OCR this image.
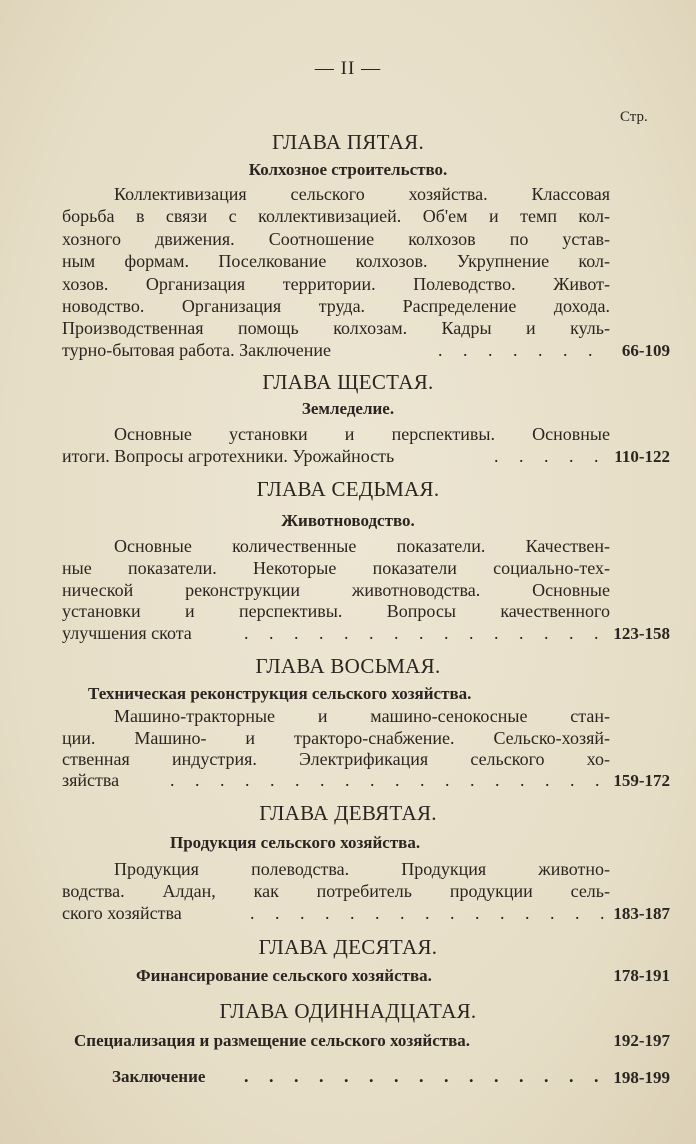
— II —
Стр.
ГЛАВА ПЯТАЯ.
Колхозное строительство.
Коллективизация сельского хозяйства. Классовая
борьба в связи с коллективизацией. Об'ем и темп кол-
хозного движения. Соотношение колхозов по устав-
ным формам. Поселкование колхозов. Укрупнение кол-
хозов. Организация территории. Полеводство. Живот-
новодство. Организация труда. Распределение дохода.
Производственная помощь колхозам. Кадры и куль-
турно-бытовая работа. Заключение	. . . . . . . 66-109
ГЛАВА ЩЕСТАЯ.
Земледелие.
Основные установки и перспективы. Основные
итоги. Вопросы агротехники. Урожайность	. . . . . 110-122
ГЛАВА СЕДЬМАЯ.
Животноводство.
Основные количественные показатели. Качествен-
ные показатели. Некоторые показатели социально-тех-
нической реконструкции животноводства. Основные
установки и перспективы. Вопросы качественного
улучшения скота	. . . . . . . . . . . . . . . 123-158
ГЛАВА ВОСЬМАЯ.
Техническая реконструкция сельского хозяйства.
Машино-тракторные и машино-сенокосные стан-
ции. Машино- и тракторо-снабжение. Сельско-хозяй-
ственная индустрия. Электрификация сельского хо-
зяйства	. . . . . . . . . . . . . . . . . . 159-172
ГЛАВА ДЕВЯТАЯ.
Продукция сельского хозяйства.
Продукция полеводства. Продукция животно-
водства. Алдан, как потребитель продукции сель-
ского хозяйства	. . . . . . . . . . . . . . . 183-187
ГЛАВА ДЕСЯТАЯ.
Финансирование сельского хозяйства.	178-191
ГЛАВА ОДИННАДЦАТАЯ.
Специализация и размещение сельского хозяйства.	192-197
Заключение . . . . . . . . . . . . . . . 198-199
